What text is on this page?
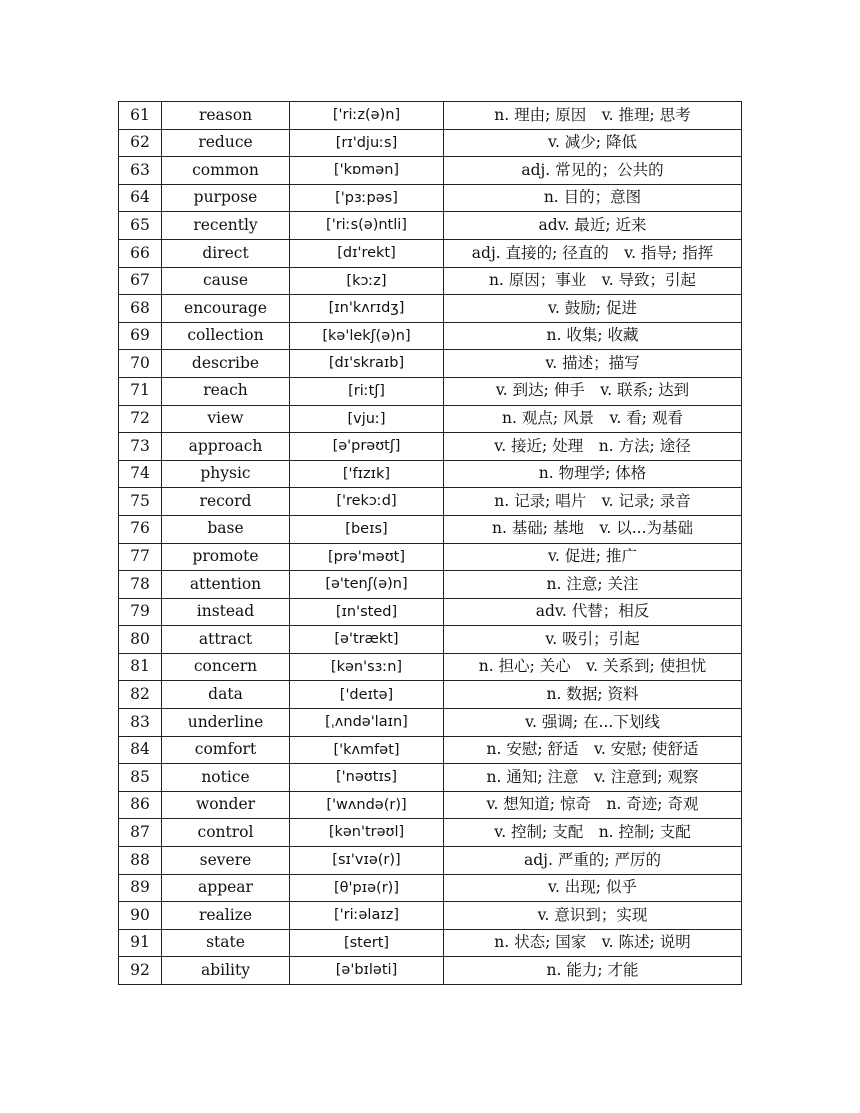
61	reason	['riːz(ə)n]	n. 理由; 原因　v. 推理; 思考
62	reduce	[rɪ'djuːs]	v. 减少; 降低
63	common	['kɒmən]	adj. 常见的；公共的
64	purpose	['pɜːpəs]	n. 目的；意图
65	recently	['riːs(ə)ntli]	adv. 最近; 近来
66	direct	[dɪ'rekt]	adj. 直接的; 径直的　v. 指导; 指挥
67	cause	[kɔːz]	n. 原因；事业　v. 导致；引起
68	encourage	[ɪn'kʌrɪdʒ]	v. 鼓励; 促进
69	collection	[kə'lekʃ(ə)n]	n. 收集; 收藏
70	describe	[dɪ'skraɪb]	v. 描述；描写
71	reach	[riːtʃ]	v. 到达; 伸手　v. 联系; 达到
72	view	[vjuː]	n. 观点; 风景　v. 看; 观看
73	approach	[ə'prəʊtʃ]	v. 接近; 处理　n. 方法; 途径
74	physic	['fɪzɪk]	n. 物理学; 体格
75	record	['rekɔːd]	n. 记录; 唱片　v. 记录; 录音
76	base	[beɪs]	n. 基础; 基地　v. 以...为基础
77	promote	[prə'məʊt]	v. 促进; 推广
78	attention	[ə'tenʃ(ə)n]	n. 注意; 关注
79	instead	[ɪn'sted]	adv. 代替；相反
80	attract	[ə'trækt]	v. 吸引；引起
81	concern	[kən'sɜːn]	n. 担心; 关心　v. 关系到; 使担忧
82	data	['deɪtə]	n. 数据; 资料
83	underline	[ˌʌndə'laɪn]	v. 强调; 在...下划线
84	comfort	['kʌmfət]	n. 安慰; 舒适　v. 安慰; 使舒适
85	notice	['nəʊtɪs]	n. 通知; 注意　v. 注意到; 观察
86	wonder	['wʌndə(r)]	v. 想知道; 惊奇　n. 奇迹; 奇观
87	control	[kən'trəʊl]	v. 控制; 支配　n. 控制; 支配
88	severe	[sɪ'vɪə(r)]	adj. 严重的; 严厉的
89	appear	[θ'pɪə(r)]	v. 出现; 似乎
90	realize	['riːəlaɪz]	v. 意识到；实现
91	state	[stert]	n. 状态; 国家　v. 陈述; 说明
92	ability	[ə'bɪləti]	n. 能力; 才能
